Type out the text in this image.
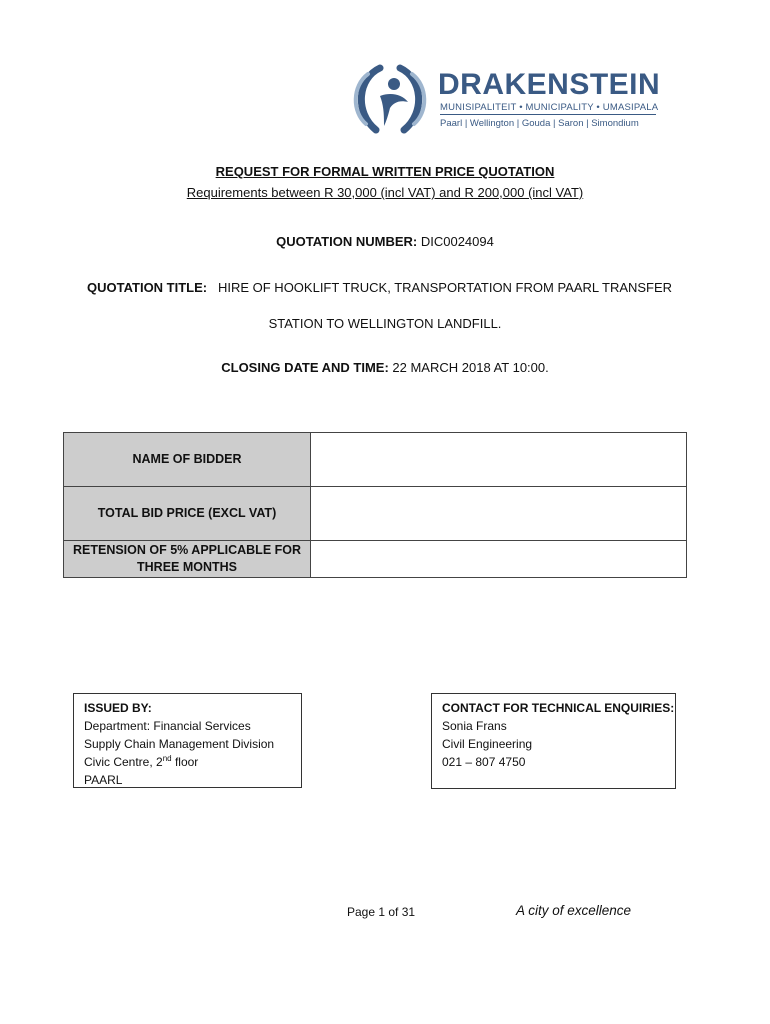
DRAKENSTEIN
MUNISIPALITEIT • MUNICIPALITY • UMASIPALA
Paarl | Wellington | Gouda | Saron | Simondium
REQUEST FOR FORMAL WRITTEN PRICE QUOTATION
Requirements between R 30,000 (incl VAT) and R 200,000 (incl VAT)
QUOTATION NUMBER: DIC0024094
QUOTATION TITLE: HIRE OF HOOKLIFT TRUCK, TRANSPORTATION FROM PAARL TRANSFER
STATION TO WELLINGTON LANDFILL.
CLOSING DATE AND TIME: 22 MARCH 2018 AT 10:00.
NAME OF BIDDER	
TOTAL BID PRICE (EXCL VAT)	
RETENSION OF 5% APPLICABLE FOR THREE MONTHS	
ISSUED BY:
Department: Financial Services
Supply Chain Management Division
Civic Centre, 2nd floor
PAARL
CONTACT FOR TECHNICAL ENQUIRIES:
Sonia Frans
Civil Engineering
021 – 807 4750
Page 1 of 31	A city of excellence
